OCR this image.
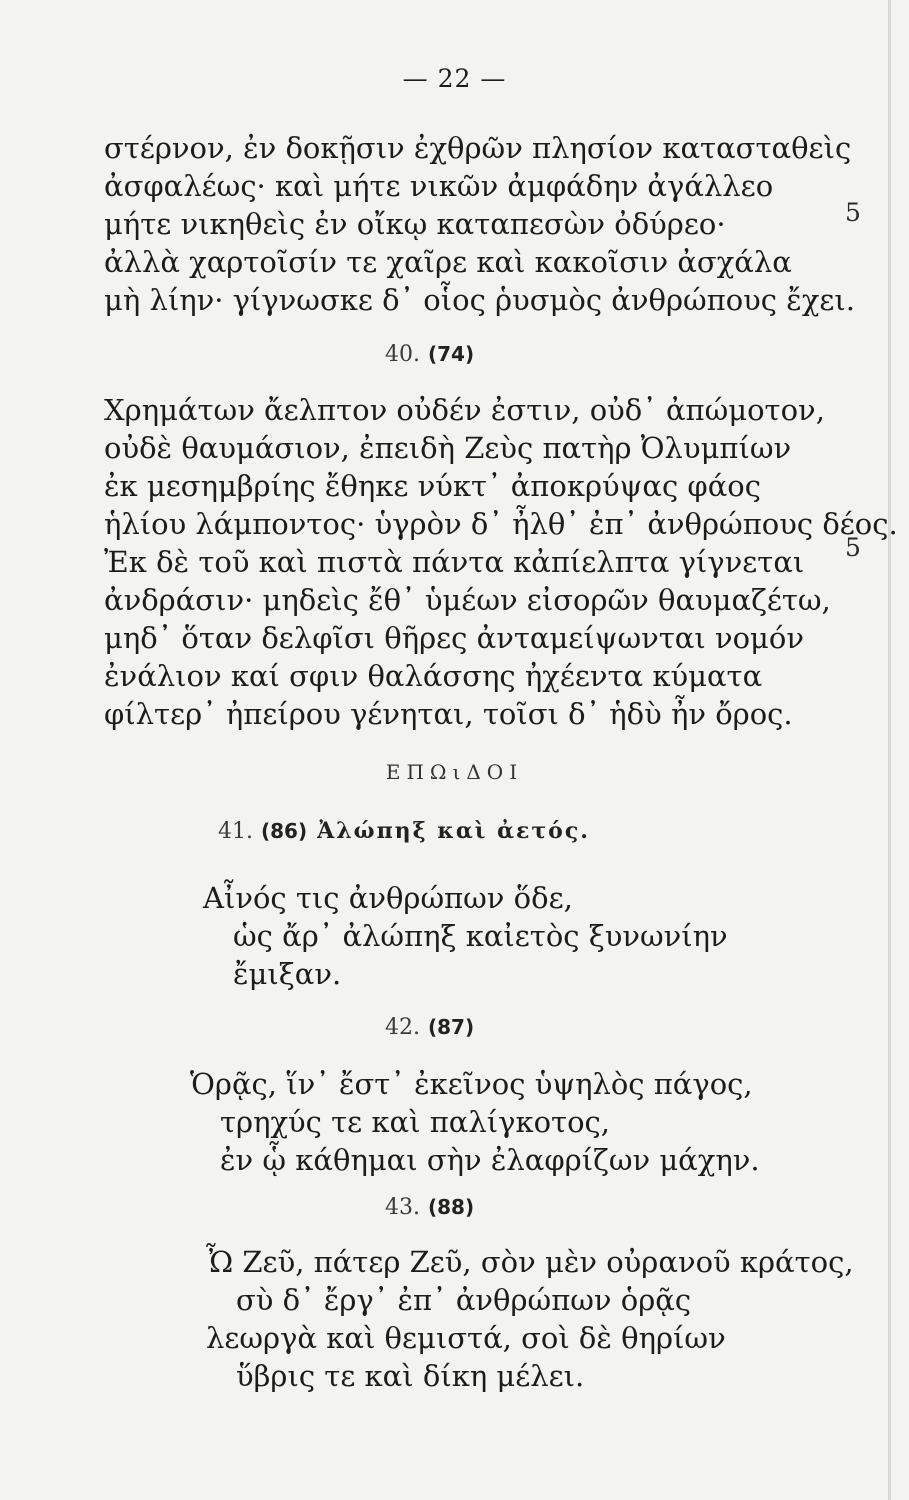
— 22 —
στέρνον, ἐν δοκῇσιν ἐχθρῶν πλησίον κατασταθεὶς
ἀσφαλέως· καὶ μήτε νικῶν ἀμφάδην ἀγάλλεο
μήτε νικηθεὶς ἐν οἴκῳ καταπεσὼν ὀδύρεο·
ἀλλὰ χαρτοῖσίν τε χαῖρε καὶ κακοῖσιν ἀσχάλα
μὴ λίην· γίγνωσκε δ᾽ οἷος ῥυσμὸς ἀνθρώπους ἔχει.
5
40. (74)
Χρημάτων ἄελπτον οὐδέν ἐστιν, οὐδ᾽ ἀπώμοτον,
οὐδὲ θαυμάσιον, ἐπειδὴ Ζεὺς πατὴρ Ὀλυμπίων
ἐκ μεσημβρίης ἔθηκε νύκτ᾽ ἀποκρύψας φάος
ἡλίου λάμποντος· ὑγρὸν δ᾽ ἦλθ᾽ ἐπ᾽ ἀνθρώπους δέος.
Ἐκ δὲ τοῦ καὶ πιστὰ πάντα κἀπίελπτα γίγνεται
ἀνδράσιν· μηδεὶς ἔθ᾽ ὑμέων εἰσορῶν θαυμαζέτω,
μηδ᾽ ὅταν δελφῖσι θῆρες ἀνταμείψωνται νομόν
ἐνάλιον καί σφιν θαλάσσης ἠχέεντα κύματα
φίλτερ᾽ ἠπείρου γένηται, τοῖσι δ᾽ ἡδὺ ἦν ὄρος.
5
ΕΠΩιΔΟΙ
41. (86) Ἀλώπηξ καὶ ἀετός.
Αἶνός τις ἀνθρώπων ὅδε,
ὡς ἄρ᾽ ἀλώπηξ καἰετὸς ξυνωνίην
ἔμιξαν.
42. (87)
Ὁρᾷς, ἵν᾽ ἔστ᾽ ἐκεῖνος ὑψηλὸς πάγος,
τρηχύς τε καὶ παλίγκοτος,
ἐν ᾧ κάθημαι σὴν ἐλαφρίζων μάχην.
43. (88)
Ὦ Ζεῦ, πάτερ Ζεῦ, σὸν μὲν οὐρανοῦ κράτος,
σὺ δ᾽ ἔργ᾽ ἐπ᾽ ἀνθρώπων ὁρᾷς
λεωργὰ καὶ θεμιστά, σοὶ δὲ θηρίων
ὕβρις τε καὶ δίκη μέλει.
